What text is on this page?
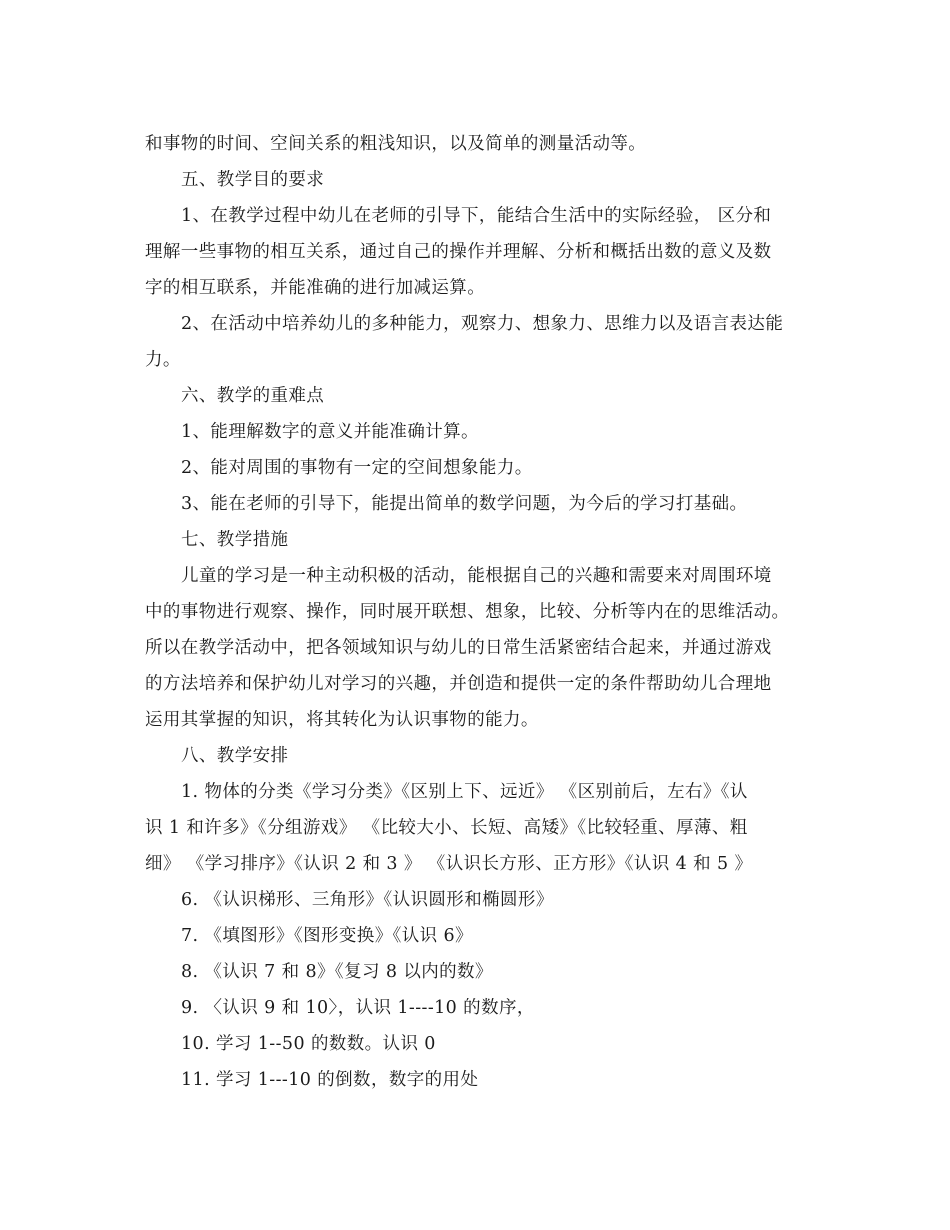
和事物的时间、空间关系的粗浅知识，以及简单的测量活动等。
五、教学目的要求
1、在教学过程中幼儿在老师的引导下，能结合生活中的实际经验， 区分和
理解一些事物的相互关系，通过自己的操作并理解、分析和概括出数的意义及数
字的相互联系，并能准确的进行加减运算。
2、在活动中培养幼儿的多种能力，观察力、想象力、思维力以及语言表达能
力。
六、教学的重难点
1、能理解数字的意义并能准确计算。
2、能对周围的事物有一定的空间想象能力。
3、能在老师的引导下，能提出简单的数学问题，为今后的学习打基础。
七、教学措施
儿童的学习是一种主动积极的活动，能根据自己的兴趣和需要来对周围环境
中的事物进行观察、操作，同时展开联想、想象，比较、分析等内在的思维活动。
所以在教学活动中，把各领域知识与幼儿的日常生活紧密结合起来，并通过游戏
的方法培养和保护幼儿对学习的兴趣，并创造和提供一定的条件帮助幼儿合理地
运用其掌握的知识，将其转化为认识事物的能力。
八、教学安排
1. 物体的分类《学习分类》《区别上下、远近》 《区别前后，左右》《认
识 1 和许多》《分组游戏》 《比较大小、长短、高矮》《比较轻重、厚薄、粗
细》 《学习排序》《认识 2 和 3 》 《认识长方形、正方形》《认识 4 和 5 》
6. 《认识梯形、三角形》《认识圆形和椭圆形》
7. 《填图形》《图形变换》《认识 6》
8. 《认识 7 和 8》《复习 8 以内的数》
9. 〈认识 9 和 10〉，认识 1----10 的数序，
10. 学习 1--50 的数数。认识 0
11. 学习 1---10 的倒数，数字的用处
